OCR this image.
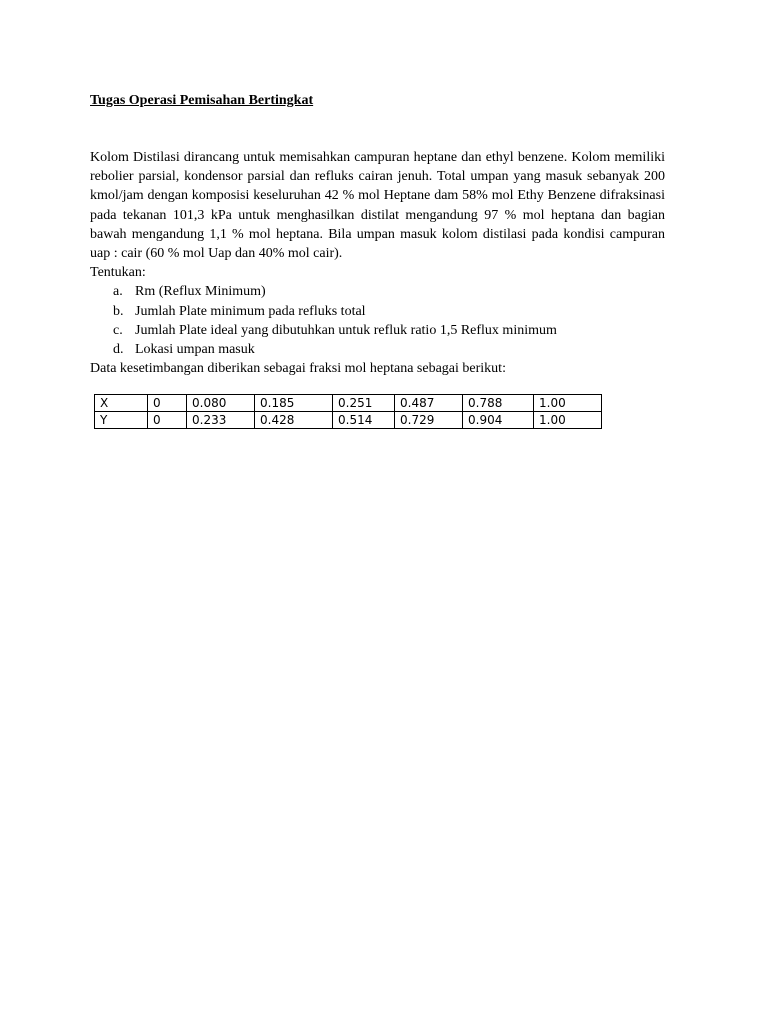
Tugas Operasi Pemisahan Bertingkat

Kolom Distilasi dirancang untuk memisahkan campuran heptane dan ethyl benzene. Kolom memiliki rebolier parsial, kondensor parsial dan refluks cairan jenuh. Total umpan yang masuk sebanyak 200 kmol/jam dengan komposisi keseluruhan 42 % mol Heptane dam 58% mol Ethy Benzene difraksinasi pada tekanan 101,3 kPa untuk menghasilkan distilat mengandung 97 % mol heptana dan bagian bawah mengandung 1,1 % mol heptana. Bila umpan masuk kolom distilasi pada kondisi campuran uap : cair (60 % mol Uap dan 40% mol cair).
Tentukan:
a. Rm (Reflux Minimum)
b. Jumlah Plate minimum pada refluks total
c. Jumlah Plate ideal yang dibutuhkan untuk refluk ratio 1,5 Reflux minimum
d. Lokasi umpan masuk
Data kesetimbangan diberikan sebagai fraksi mol heptana sebagai berikut:
X	0	0.080	0.185	0.251	0.487	0.788	1.00
Y	0	0.233	0.428	0.514	0.729	0.904	1.00
